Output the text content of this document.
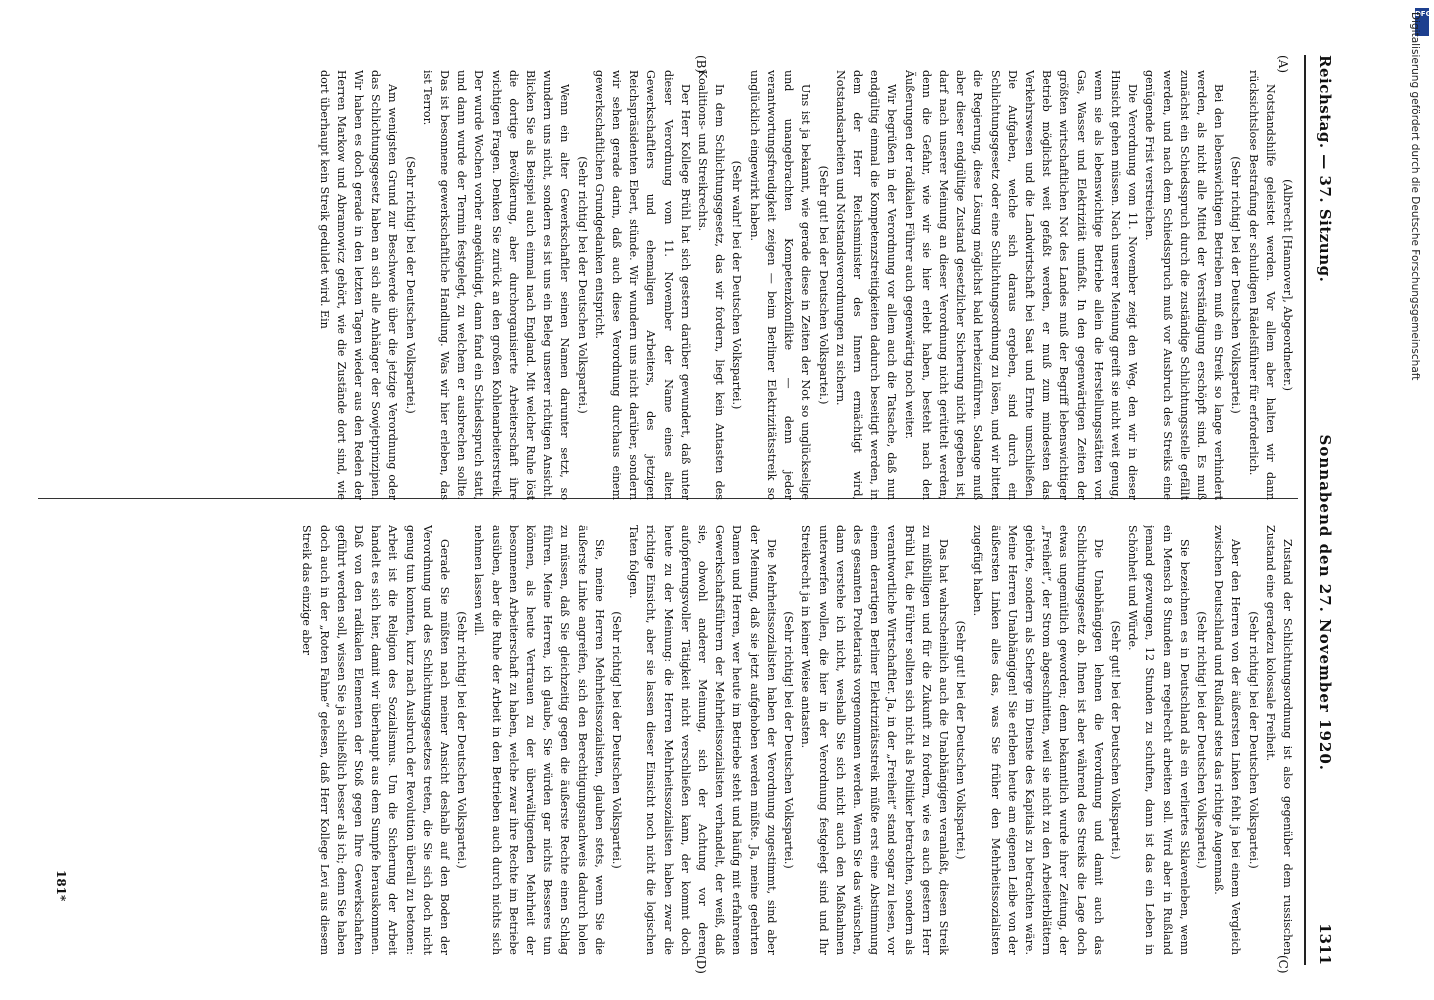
Reichstag. — 37. Sitzung.
Sonnabend den 27. November 1920.
1311
(A)
(B)
(C)
(D)

(Albrecht [Hannover], Abgeordneter.)

Notstandshilfe geleistet werden. Vor allem aber halten wir dann rücksichtslose Bestrafung der schuldigen Rädelsführer für erforderlich.

(Sehr richtig! bei der Deutschen Volkspartei.)

Bei den lebenswichtigen Betrieben muß ein Streik so lange verhindert werden, als nicht alle Mittel der Verständigung erschöpft sind. Es muß zunächst ein Schiedsspruch durch die zuständige Schlichtungsstelle gefällt werden, und nach dem Schiedsspruch muß vor Ausbruch des Streiks eine genügende Frist verstreichen.

Die Verordnung vom 11. November zeigt den Weg, den wir in dieser Hinsicht gehen müssen. Nach unserer Meinung greift sie nicht weit genug, wenn sie als lebenswichtige Betriebe allein die Herstellungsstätten von Gas, Wasser und Elektrizität umfaßt. In den gegenwärtigen Zeiten der größten wirtschaftlichen Not des Landes muß der Begriff lebenswichtiger Betrieb möglichst weit gefaßt werden, er muß zum mindesten das Verkehrswesen und die Landwirtschaft bei Saat und Ernte umschließen. Die Aufgaben, welche sich daraus ergeben, sind durch ein Schlichtungsgesetz oder eine Schlichtungsordnung zu lösen, und wir bitten die Regierung, diese Lösung möglichst bald herbeizuführen. Solange muß aber dieser endgültige Zustand gesetzlicher Sicherung nicht gegeben ist, darf nach unserer Meinung an dieser Verordnung nicht gerüttelt werden; denn die Gefahr, wie wir sie hier erlebt haben, besteht nach den Äußerungen der radikalen Führer auch gegenwärtig noch weiter.

Wir begrüßen in der Verordnung vor allem auch die Tatsache, daß nun endgültig einmal die Kompetenzstreitigkeiten dadurch beseitigt werden, in dem der Herr Reichsminister des Innern ermächtigt wird, Notstandsarbeiten und Notstandsverordnungen zu sichern.

(Sehr gut! bei der Deutschen Volkspartei.)

Uns ist ja bekannt, wie gerade diese in Zeiten der Not so unglückselige und unangebrachten Kompetenzkonflikte — denn jeder verantwortungsfreudigkeit zeigen — beim Berliner Elektrizitätsstreik so unglücklich eingewirkt haben.

(Sehr wahr! bei der Deutschen Volkspartei.)

In dem Schlichtungsgesetz, das wir fordern, liegt kein Antasten des Koalitions- und Streikrechts.

Der Herr Kollege Brühl hat sich gestern darüber gewundert, daß unter dieser Verordnung vom 11. November der Name eines alten Gewerkschaftlers und ehemaligen Arbeiters, des jetzigen Reichspräsidenten Ebert, stünde. Wir wundern uns nicht darüber, sondern wir sehen gerade darin, daß auch diese Verordnung durchaus einem gewerkschaftlichen Grundgedanken entspricht.

(Sehr richtig! bei der Deutschen Volkspartei.)

Wenn ein alter Gewerkschaftler seinen Namen darunter setzt, so wundern uns nicht, sondern es ist uns ein Beleg unserer richtigen Ansicht. Blicken Sie als Beispiel auch einmal nach England. Mit welcher Ruhe löst die dortige Bevölkerung, aber durchorganisierte Arbeiterschaft ihre wichtigen Fragen. Denken Sie zurück an den großen Kohlenarbeiterstreik. Der wurde Wochen vorher angekündigt, dann fand ein Schiedsspruch statt, und dann wurde der Termin festgelegt, zu welchem er ausbrechen sollte. Das ist besonnene gewerkschaftliche Handlung. Was wir hier erleben, das ist Terror.

(Sehr richtig! bei der Deutschen Volkspartei.)

Am wenigsten Grund zur Beschwerde über die jetzige Verordnung oder das Schlichtungsgesetz haben an sich alle Anhänger der Sowjetprinzipien. Wir haben es doch gerade in den letzten Tagen wieder aus den Reden der Herren Markow und Abramowicz gehört, wie die Zustände dort sind, wie dort überhaupt kein Streik geduldet wird. Ein

Zustand der Schlichtungsordnung ist also gegenüber dem russischen Zustand eine geradezu kolossale Freiheit.

(Sehr richtig! bei der Deutschen Volkspartei.)

Aber den Herren von der äußersten Linken fehlt ja bei einem Vergleich zwischen Deutschland und Rußland stets das richtige Augenmaß.

(Sehr richtig! bei der Deutschen Volkspartei.)

Sie bezeichnen es in Deutschland als ein verliertes Sklavenleben, wenn ein Mensch 8 Stunden am regelrecht arbeiten soll. Wird aber in Rußland jemand gezwungen, 12 Stunden zu schuften, dann ist das ein Leben in Schönheit und Würde.

(Sehr gut! bei der Deutschen Volkspartei.)

Die Unabhängigen lehnen die Verordnung und damit auch das Schlichtungsgesetz ab. Ihnen ist aber während des Streiks die Lage doch etwas ungemütlich geworden; denn bekanntlich wurde ihrer Zeitung, der „Freiheit“, der Strom abgeschnitten, weil sie nicht zu den Arbeiterblättern gehörte, sondern als Scherge im Dienste des Kapitals zu betrachten wäre. Meine Herren Unabhängigen! Sie erleben heute am eigenen Leibe von der äußersten Linken alles das, was Sie früher den Mehrheitssozialisten zugefügt haben.

(Sehr gut! bei der Deutschen Volkspartei.)

Das hat wahrscheinlich auch die Unabhängigen veranlaßt, diesen Streik zu mißbilligen und für die Zukunft zu fordern, wie es auch gestern Herr Brühl tat, die Führer sollten sich nicht als Politiker betrachten, sondern als verantwortliche Wirtschaftler. Ja, in der „Freiheit“ stand sogar zu lesen, vor einem derartigen Berliner Elektrizitätsstreik müßte erst eine Abstimmung des gesamten Proletariats vorgenommen werden. Wenn Sie das wünschen, dann verstehe ich nicht, weshalb Sie sich nicht auch den Maßnahmen unterwerfen wollen, die hier in der Verordnung festgelegt sind und Ihr Streikrecht ja in keiner Weise antasten.

(Sehr richtig! bei der Deutschen Volkspartei.)

Die Mehrheitssozialisten haben der Verordnung zugestimmt, sind aber der Meinung, daß sie jetzt aufgehoben werden müßte. Ja, meine geehrten Damen und Herren, wer heute im Betriebe steht und häufig mit erfahrenen Gewerkschaftsführern der Mehrheitssozialisten verhandelt, der weiß, daß sie, obwohl anderer Meinung, sich der Achtung vor deren aufopferungsvoller Tätigkeit nicht verschließen kann, der kommt doch heute zu der Meinung: die Herren Mehrheitssozialisten haben zwar die richtige Einsicht, aber sie lassen dieser Einsicht noch nicht die logischen Taten folgen.

(Sehr richtig! bei der Deutschen Volkspartei.)

Sie, meine Herren Mehrheitssozialisten, glauben stets, wenn Sie die äußerste Linke angreifen, sich den Berechtigungsnachweis dadurch holen zu müssen, daß Sie gleichzeitig gegen die äußerste Rechte einen Schlag führen. Meine Herren, ich glaube, Sie würden gar nichts Besseres tun können, als heute Vertrauen zu der überwältigenden Mehrheit der besonnenen Arbeiterschaft zu haben, welche zwar ihre Rechte im Betriebe ausüben, aber die Ruhe der Arbeit in den Betrieben auch durch nichts sich nehmen lassen will.

(Sehr richtig! bei der Deutschen Volkspartei.)

Gerade Sie müßten nach meiner Ansicht deshalb auf den Boden der Verordnung und des Schlichtungsgesetzes treten, die Sie sich doch nicht genug tun konnten, kurz nach Ausbruch der Revolution überall zu betonen: Arbeit ist die Religion des Sozialismus. Um die Sicherung der Arbeit handelt es sich hier, damit wir überhaupt aus dem Sumpfe herauskommen. Daß von den radikalen Elementen der Stoß gegen Ihre Gewerkschaften geführt werden soll, wissen Sie ja schließlich besser als ich; denn Sie haben doch auch in der „Roten Fahne“ gelesen, daß Herr Kollege Levi aus diesem Streik das einzige aber

181*
DFG
Digitalisierung gefördert durch die Deutsche Forschungsgemeinschaft
